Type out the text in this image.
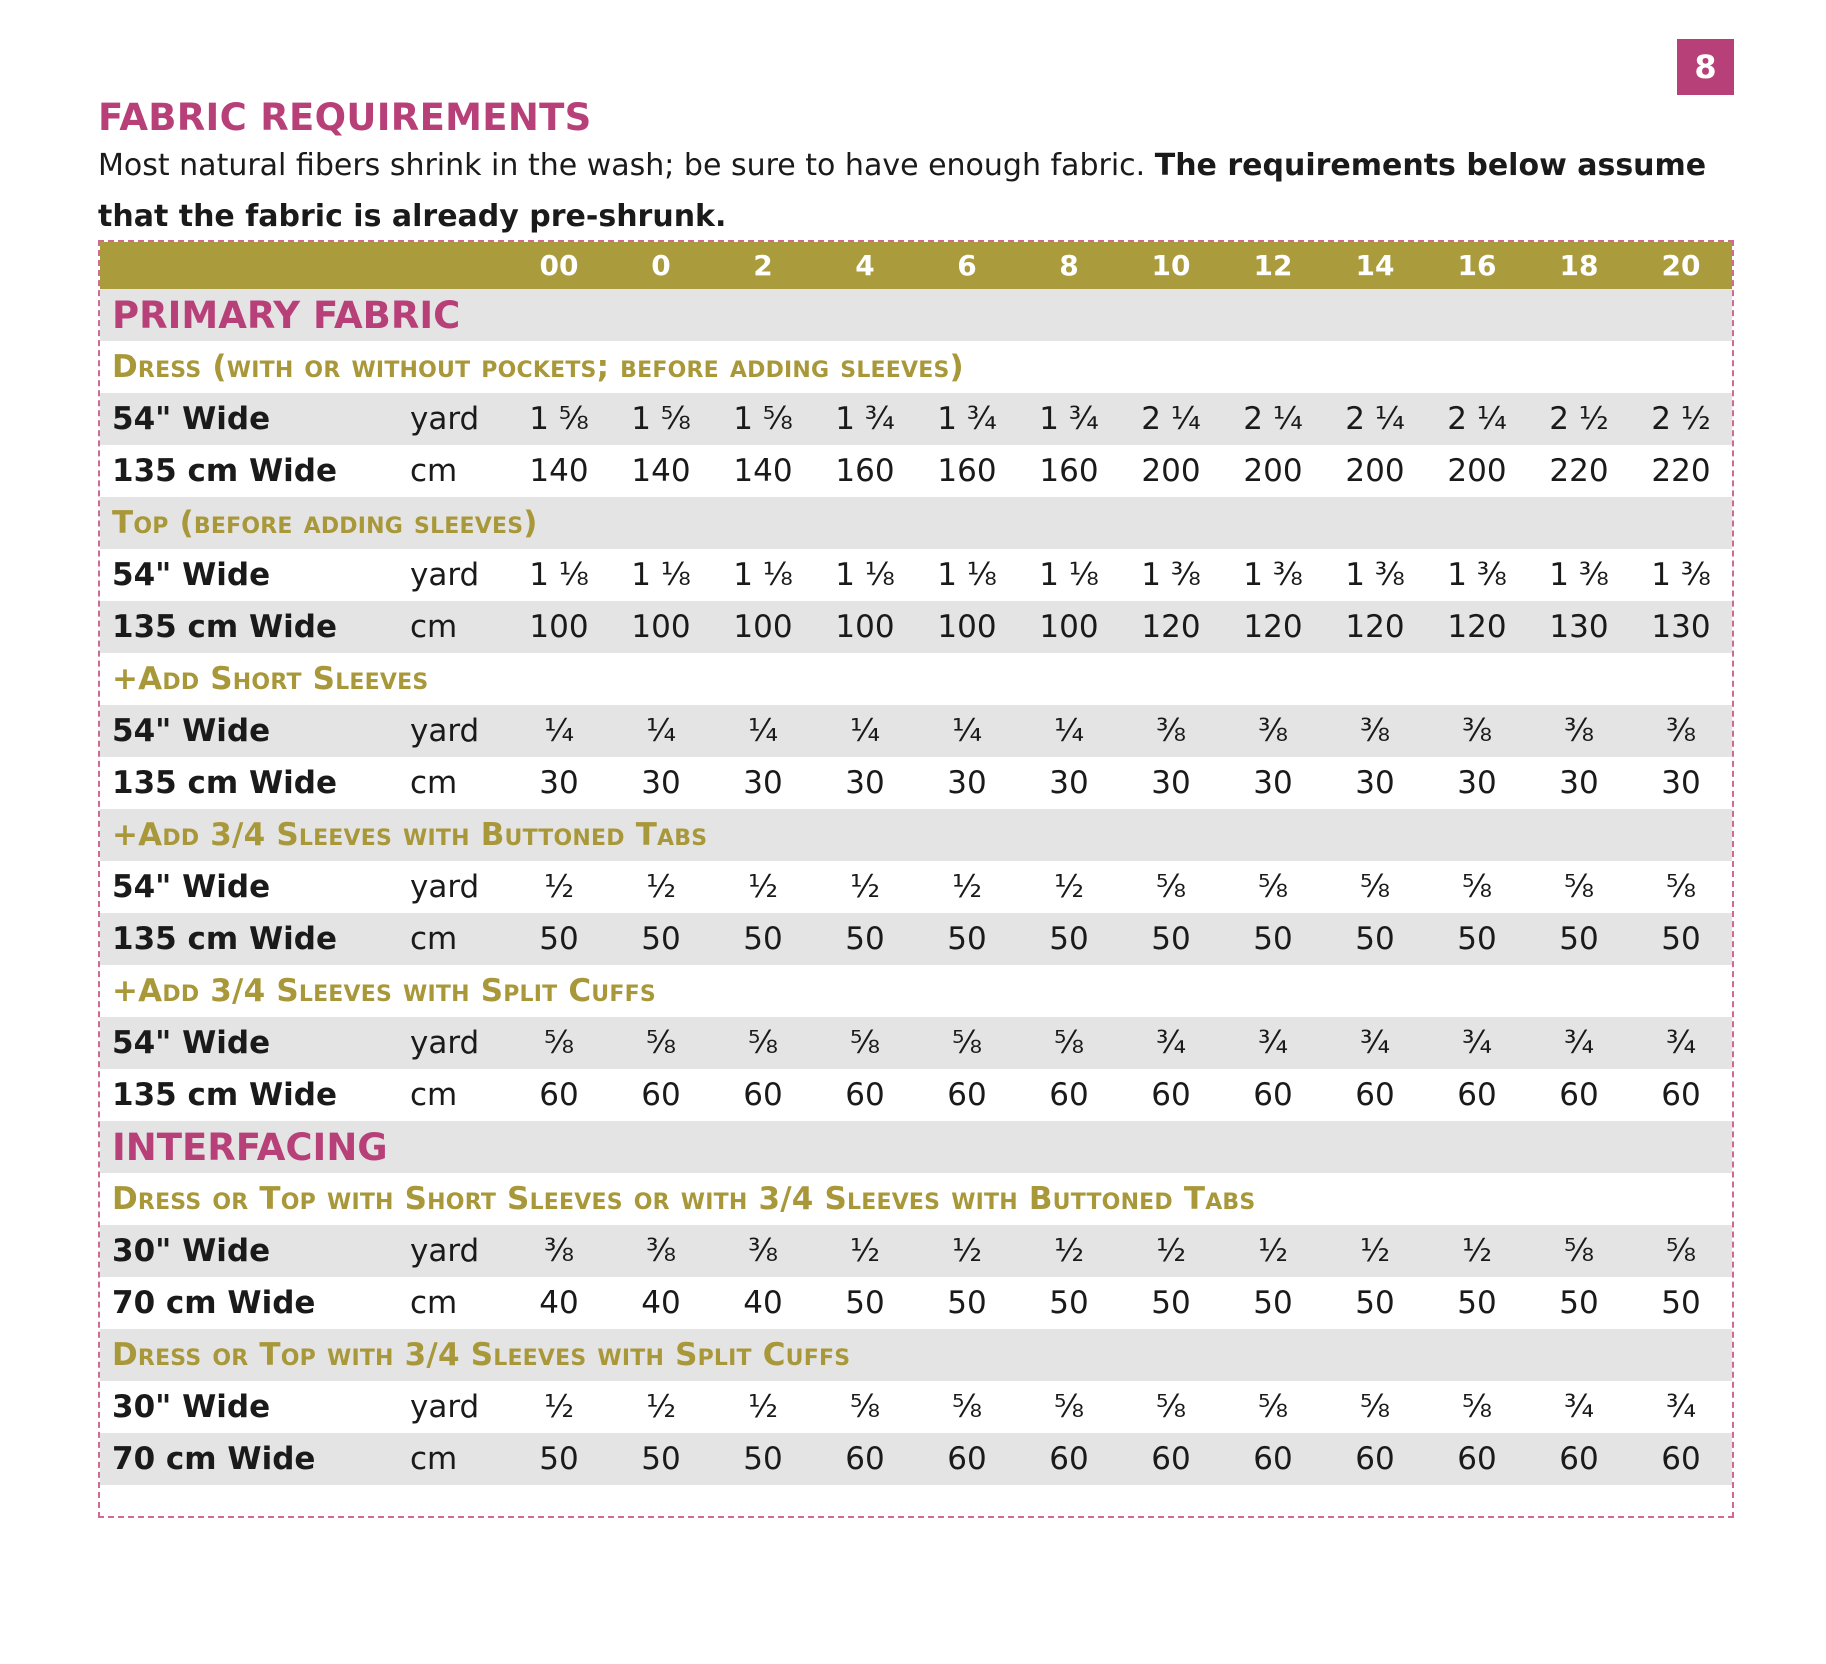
8
FABRIC REQUIREMENTS

Most natural fibers shrink in the wash; be sure to have enough fabric. The requirements below assume that the fabric is already pre-shrunk.

		00	0	2	4	6	8	10	12	14	16	18	20
PRIMARY FABRIC													
Dress (with or without pockets; before adding sleeves)													
54" Wide	yard	1 ⅝	1 ⅝	1 ⅝	1 ¾	1 ¾	1 ¾	2 ¼	2 ¼	2 ¼	2 ¼	2 ½	2 ½
135 cm Wide	cm	140	140	140	160	160	160	200	200	200	200	220	220
Top (before adding sleeves)													
54" Wide	yard	1 ⅛	1 ⅛	1 ⅛	1 ⅛	1 ⅛	1 ⅛	1 ⅜	1 ⅜	1 ⅜	1 ⅜	1 ⅜	1 ⅜
135 cm Wide	cm	100	100	100	100	100	100	120	120	120	120	130	130
+Add Short Sleeves													
54" Wide	yard	¼	¼	¼	¼	¼	¼	⅜	⅜	⅜	⅜	⅜	⅜
135 cm Wide	cm	30	30	30	30	30	30	30	30	30	30	30	30
+Add 3/4 Sleeves with Buttoned Tabs													
54" Wide	yard	½	½	½	½	½	½	⅝	⅝	⅝	⅝	⅝	⅝
135 cm Wide	cm	50	50	50	50	50	50	50	50	50	50	50	50
+Add 3/4 Sleeves with Split Cuffs													
54" Wide	yard	⅝	⅝	⅝	⅝	⅝	⅝	¾	¾	¾	¾	¾	¾
135 cm Wide	cm	60	60	60	60	60	60	60	60	60	60	60	60
INTERFACING													
Dress or Top with Short Sleeves or with 3/4 Sleeves with Buttoned Tabs													
30" Wide	yard	⅜	⅜	⅜	½	½	½	½	½	½	½	⅝	⅝
70 cm Wide	cm	40	40	40	50	50	50	50	50	50	50	50	50
Dress or Top with 3/4 Sleeves with Split Cuffs													
30" Wide	yard	½	½	½	⅝	⅝	⅝	⅝	⅝	⅝	⅝	¾	¾
70 cm Wide	cm	50	50	50	60	60	60	60	60	60	60	60	60
